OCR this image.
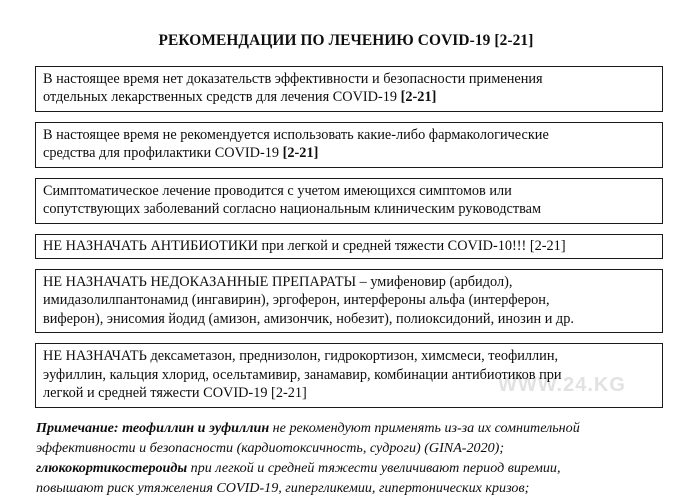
WWW.24.KG
РЕКОМЕНДАЦИИ ПО ЛЕЧЕНИЮ COVID-19 [2-21]

В настоящее время нет доказательств эффективности и безопасности применения

отдельных лекарственных средств для лечения COVID-19 [2-21]

В настоящее время не рекомендуется использовать какие-либо фармакологические

средства для профилактики COVID-19 [2-21]

Симптоматическое лечение проводится с учетом имеющихся симптомов или

сопутствующих заболеваний согласно национальным клиническим руководствам

НЕ НАЗНАЧАТЬ АНТИБИОТИКИ при легкой и средней тяжести COVID-10!!! [2-21]

НЕ НАЗНАЧАТЬ НЕДОКАЗАННЫЕ ПРЕПАРАТЫ – умифеновир (арбидол),

имидазолилпантонамид (ингавирин), эргоферон, интерфероны альфа (интерферон,

виферон), энисомия йодид (амизон, амизончик, нобезит), полиоксидоний, инозин и др.

НЕ НАЗНАЧАТЬ дексаметазон, преднизолон, гидрокортизон, химсмеси, теофиллин,

эуфиллин, кальция хлорид, осельтамивир, занамавир, комбинации антибиотиков при

легкой и средней тяжести COVID-19 [2-21]

Примечание: теофиллин и эуфиллин не рекомендуют применять из-за их сомнительной

эффективности и безопасности (кардиотоксичность, судроги) (GINA-2020);

глюкокортикостероиды при легкой и средней тяжести увеличивают период виремии,

повышают риск утяжеления COVID-19, гипергликемии, гипертонических кризов;
